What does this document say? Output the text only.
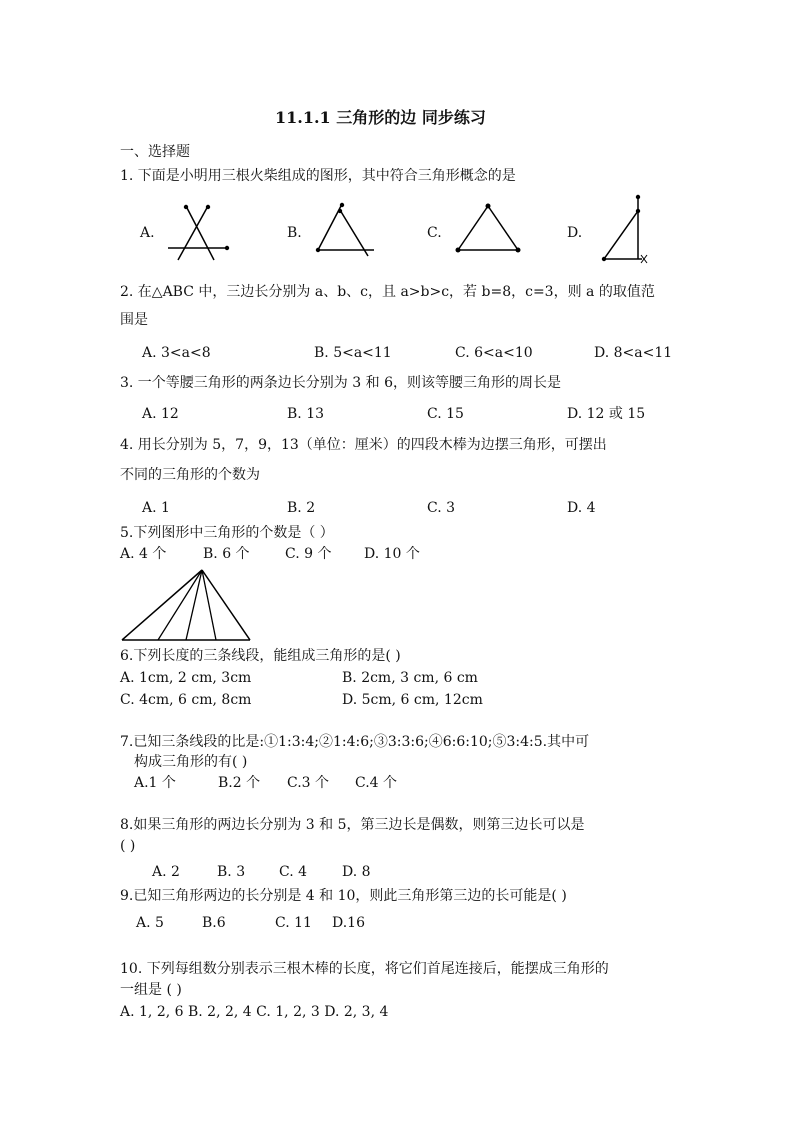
11.1.1 三角形的边 同步练习
一、选择题
1. 下面是小明用三根火柴组成的图形，其中符合三角形概念的是
A.	B.	C.	D.
2. 在△ABC 中，三边长分别为 a、b、c，且 a>b>c，若 b=8，c=3，则 a 的取值范
围是
A. 3<a<8	B. 5<a<11	C. 6<a<10	D. 8<a<11
3. 一个等腰三角形的两条边长分别为 3 和 6，则该等腰三角形的周长是
A. 12	B. 13	C. 15	D. 12 或 15
4. 用长分别为 5，7，9，13（单位：厘米）的四段木棒为边摆三角形，可摆出
不同的三角形的个数为
A. 1	B. 2	C. 3	D. 4
5.下列图形中三角形的个数是（ ）
A. 4 个	B. 6 个	C. 9 个 D. 10 个
6.下列长度的三条线段，能组成三角形的是( )
A. 1cm, 2 cm, 3cm	B. 2cm, 3 cm, 6 cm
C. 4cm, 6 cm, 8cm	D. 5cm, 6 cm, 12cm
7.已知三条线段的比是:①1:3:4;②1:4:6;③3:3:6;④6:6:10;⑤3:4:5.其中可
构成三角形的有( )
A.1 个	B.2 个 C.3 个 C.4 个
8.如果三角形的两边长分别为 3 和 5，第三边长是偶数，则第三边长可以是
( )
A. 2	B. 3 C. 4 D. 8
9.已知三角形两边的长分别是 4 和 10，则此三角形第三边的长可能是( )
A. 5	B.6	C. 11 D.16
10. 下列每组数分别表示三根木棒的长度，将它们首尾连接后，能摆成三角形的
一组是 ( )
A. 1, 2, 6 B. 2, 2, 4 C. 1, 2, 3 D. 2, 3, 4
